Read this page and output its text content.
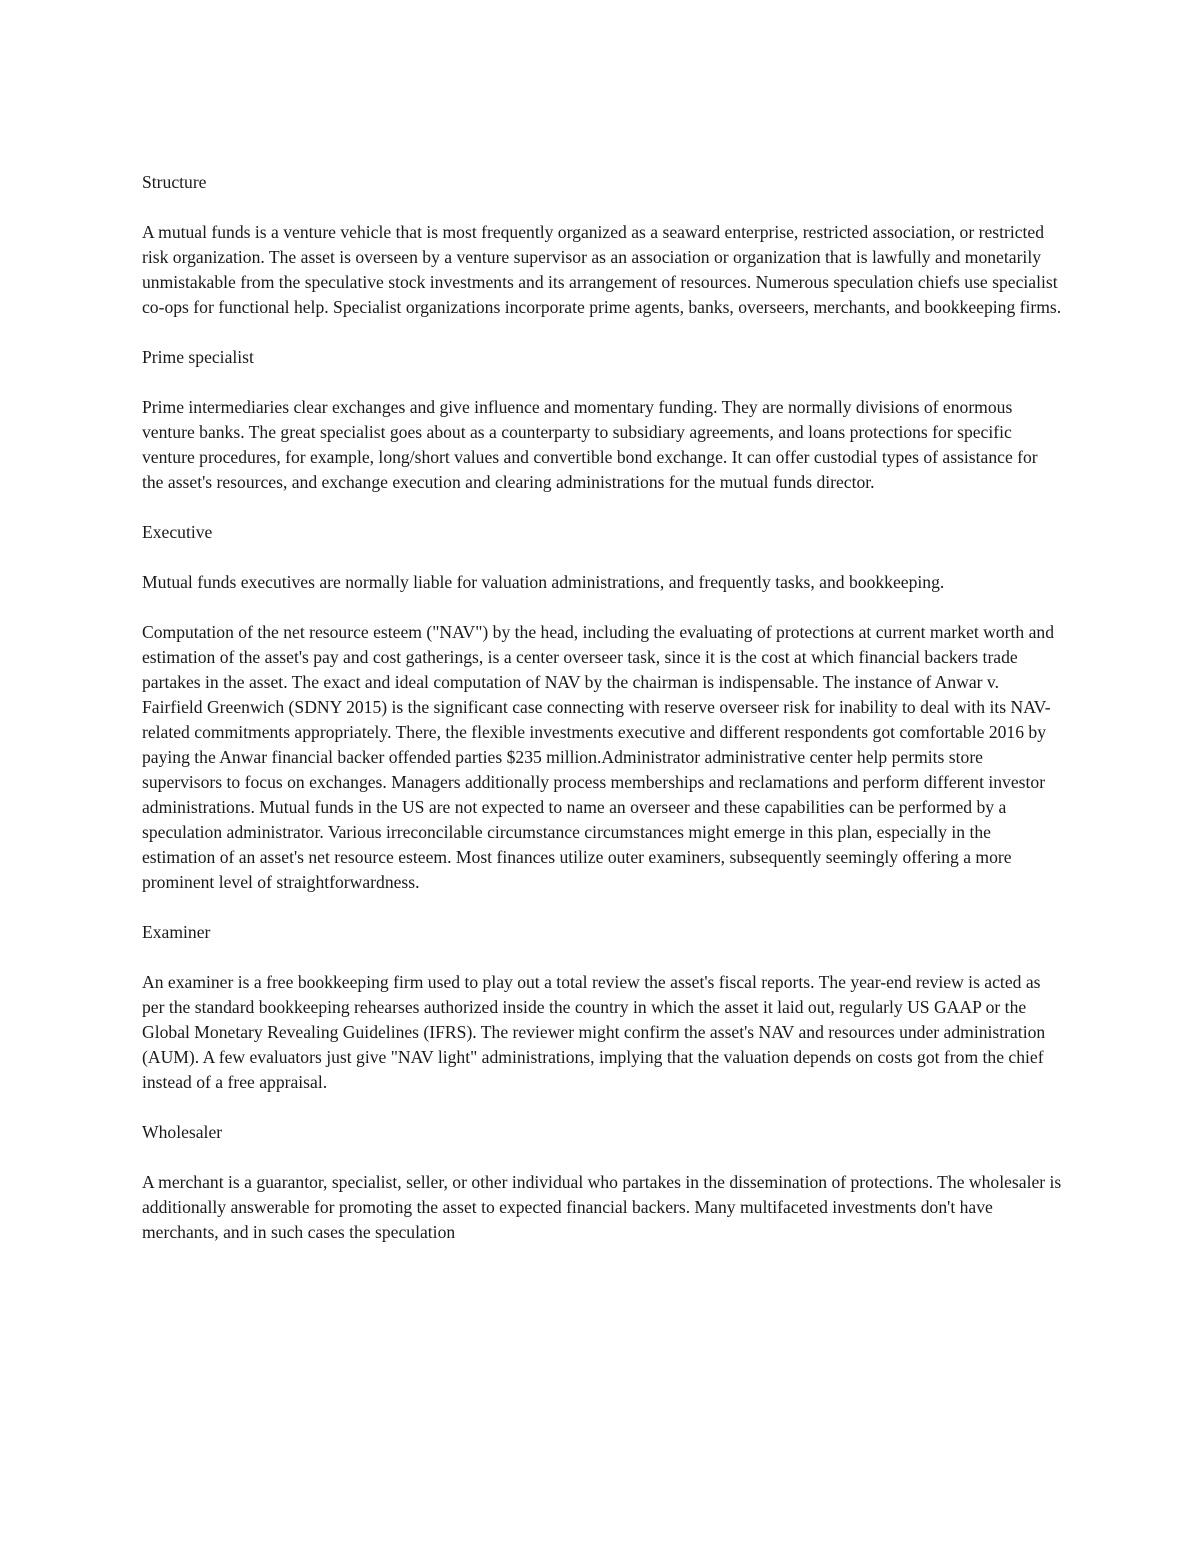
Structure

A mutual funds is a venture vehicle that is most frequently organized as a seaward enterprise, restricted association, or restricted risk organization. The asset is overseen by a venture supervisor as an association or organization that is lawfully and monetarily unmistakable from the speculative stock investments and its arrangement of resources. Numerous speculation chiefs use specialist co-ops for functional help. Specialist organizations incorporate prime agents, banks, overseers, merchants, and bookkeeping firms.

Prime specialist

Prime intermediaries clear exchanges and give influence and momentary funding. They are normally divisions of enormous venture banks. The great specialist goes about as a counterparty to subsidiary agreements, and loans protections for specific venture procedures, for example, long/short values and convertible bond exchange. It can offer custodial types of assistance for the asset's resources, and exchange execution and clearing administrations for the mutual funds director.

Executive

Mutual funds executives are normally liable for valuation administrations, and frequently tasks, and bookkeeping.

Computation of the net resource esteem ("NAV") by the head, including the evaluating of protections at current market worth and estimation of the asset's pay and cost gatherings, is a center overseer task, since it is the cost at which financial backers trade partakes in the asset. The exact and ideal computation of NAV by the chairman is indispensable. The instance of Anwar v. Fairfield Greenwich (SDNY 2015) is the significant case connecting with reserve overseer risk for inability to deal with its NAV-related commitments appropriately. There, the flexible investments executive and different respondents got comfortable 2016 by paying the Anwar financial backer offended parties $235 million.Administrator administrative center help permits store supervisors to focus on exchanges. Managers additionally process memberships and reclamations and perform different investor administrations. Mutual funds in the US are not expected to name an overseer and these capabilities can be performed by a speculation administrator. Various irreconcilable circumstance circumstances might emerge in this plan, especially in the estimation of an asset's net resource esteem. Most finances utilize outer examiners, subsequently seemingly offering a more prominent level of straightforwardness.

Examiner

An examiner is a free bookkeeping firm used to play out a total review the asset's fiscal reports. The year-end review is acted as per the standard bookkeeping rehearses authorized inside the country in which the asset it laid out, regularly US GAAP or the Global Monetary Revealing Guidelines (IFRS). The reviewer might confirm the asset's NAV and resources under administration (AUM). A few evaluators just give "NAV light" administrations, implying that the valuation depends on costs got from the chief instead of a free appraisal.

Wholesaler

A merchant is a guarantor, specialist, seller, or other individual who partakes in the dissemination of protections. The wholesaler is additionally answerable for promoting the asset to expected financial backers. Many multifaceted investments don't have merchants, and in such cases the speculation
